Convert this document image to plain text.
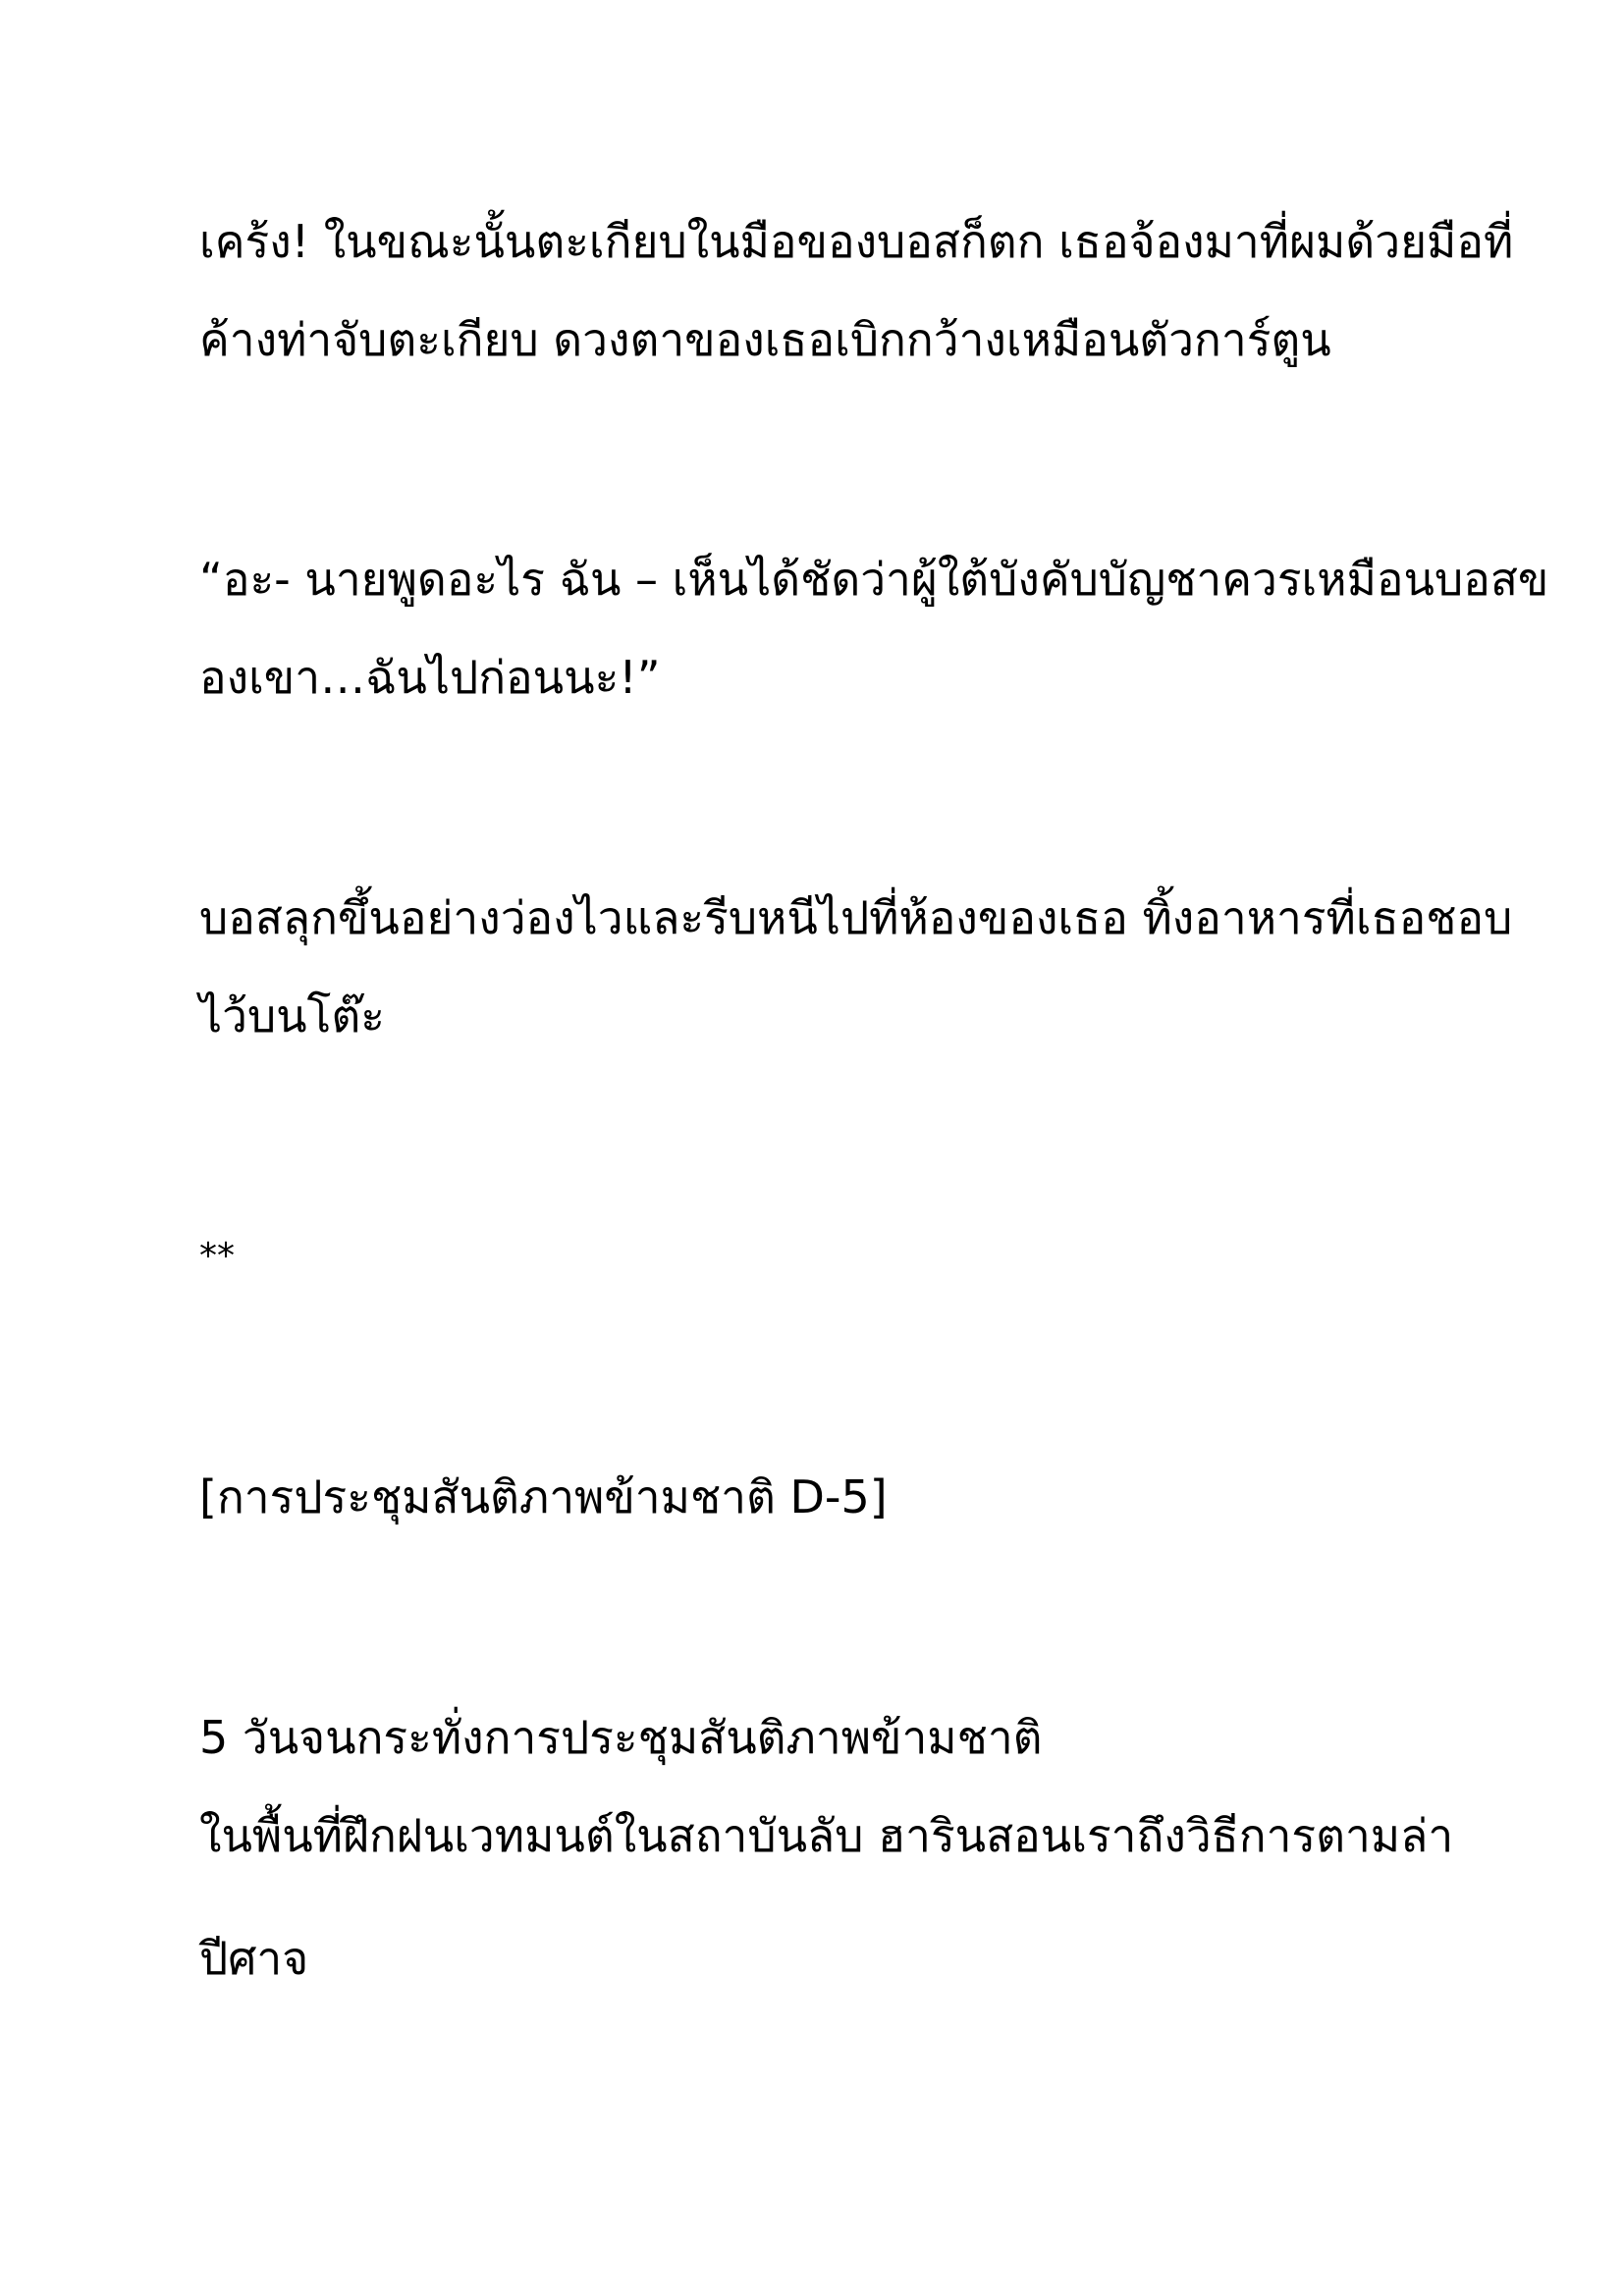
เคร้ง! ในขณะนั้นตะเกียบในมือของบอสก็ตก เธอจ้องมาที่ผมด้วยมือที่
ค้างท่าจับตะเกียบ ดวงตาของเธอเบิกกว้างเหมือนตัวการ์ตูน
“อะ- นายพูดอะไร ฉัน – เห็นได้ชัดว่าผู้ใต้บังคับบัญชาควรเหมือนบอสข
องเขา…ฉันไปก่อนนะ!”
บอสลุกขึ้นอย่างว่องไวและรีบหนีไปที่ห้องของเธอ ทิ้งอาหารที่เธอชอบ
ไว้บนโต๊ะ
**
[การประชุมสันติภาพข้ามชาติ D-5]
5 วันจนกระทั่งการประชุมสันติภาพข้ามชาติ
ในพื้นที่ฝึกฝนเวทมนต์ในสถาบันลับ ฮารินสอนเราถึงวิธีการตามล่า
ปีศาจ
